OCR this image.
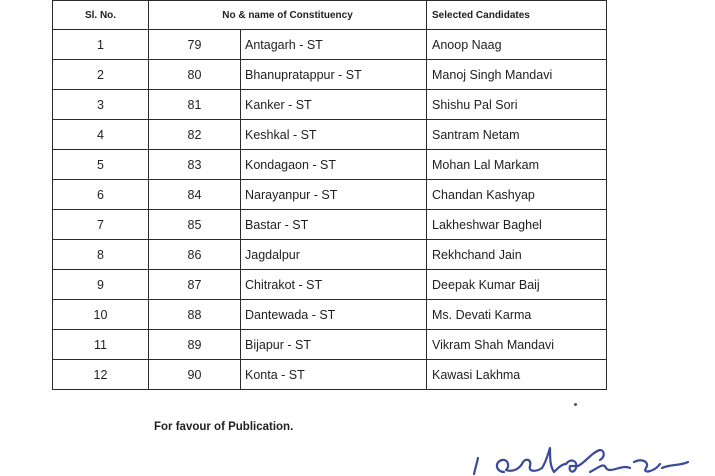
Sl. No.	No & name of Constituency		Selected Candidates
1	79	Antagarh - ST	Anoop Naag
2	80	Bhanupratappur - ST	Manoj Singh Mandavi
3	81	Kanker - ST	Shishu Pal Sori
4	82	Keshkal - ST	Santram Netam
5	83	Kondagaon - ST	Mohan Lal Markam
6	84	Narayanpur - ST	Chandan Kashyap
7	85	Bastar - ST	Lakheshwar Baghel
8	86	Jagdalpur	Rekhchand Jain
9	87	Chitrakot - ST	Deepak Kumar Baij
10	88	Dantewada - ST	Ms. Devati Karma
11	89	Bijapur - ST	Vikram Shah Mandavi
12	90	Konta - ST	Kawasi Lakhma
For favour of Publication.
